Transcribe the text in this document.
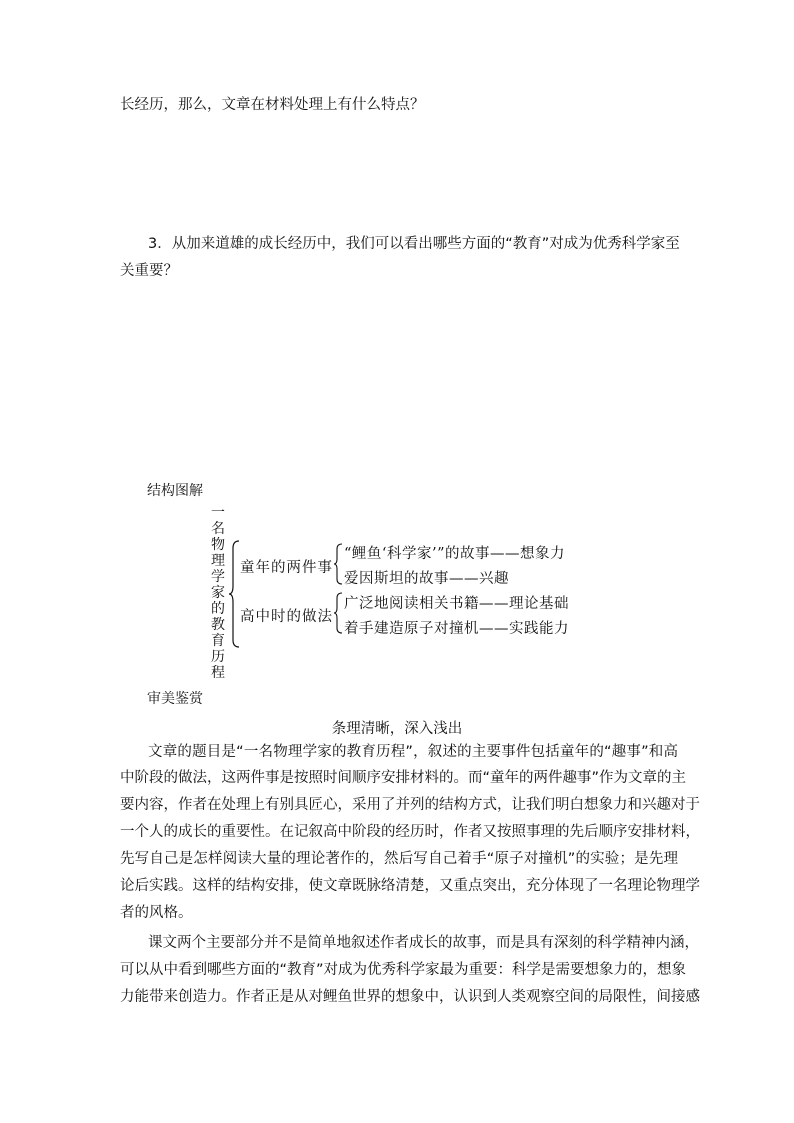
长经历，那么，文章在材料处理上有什么特点？
3．从加来道雄的成长经历中，我们可以看出哪些方面的“教育”对成为优秀科学家至
关重要？
结构图解
一
名
物
理
学
家
的
教
育
历
程
童年的两件事
“鲤鱼‘科学家’”的故事——想象力
爱因斯坦的故事——兴趣
高中时的做法
广泛地阅读相关书籍——理论基础
着手建造原子对撞机——实践能力
审美鉴赏
条理清晰，深入浅出
文章的题目是“一名物理学家的教育历程”，叙述的主要事件包括童年的“趣事”和高
中阶段的做法，这两件事是按照时间顺序安排材料的。而“童年的两件趣事”作为文章的主
要内容，作者在处理上有别具匠心，采用了并列的结构方式，让我们明白想象力和兴趣对于
一个人的成长的重要性。在记叙高中阶段的经历时，作者又按照事理的先后顺序安排材料，
先写自己是怎样阅读大量的理论著作的，然后写自己着手“原子对撞机”的实验；是先理
论后实践。这样的结构安排，使文章既脉络清楚，又重点突出，充分体现了一名理论物理学
者的风格。
课文两个主要部分并不是简单地叙述作者成长的故事，而是具有深刻的科学精神内涵，
可以从中看到哪些方面的“教育”对成为优秀科学家最为重要：科学是需要想象力的，想象
力能带来创造力。作者正是从对鲤鱼世界的想象中，认识到人类观察空间的局限性，间接感
